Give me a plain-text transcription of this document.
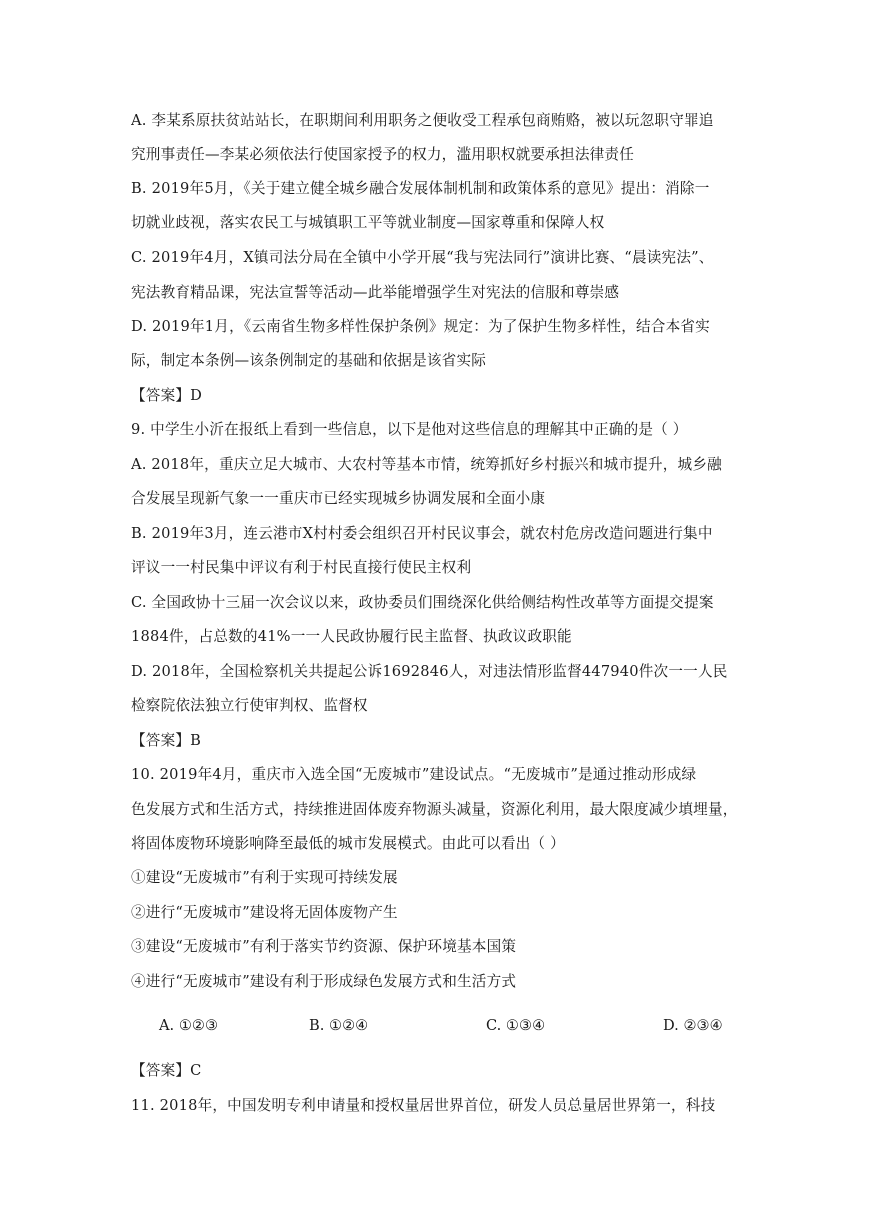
A. 李某系原扶贫站站长，在职期间利用职务之便收受工程承包商贿赂，被以玩忽职守罪追
究刑事责任—李某必须依法行使国家授予的权力，滥用职权就要承担法律责任
B. 2019年5月，《关于建立健全城乡融合发展体制机制和政策体系的意见》提出：消除一
切就业歧视，落实农民工与城镇职工平等就业制度—国家尊重和保障人权
C. 2019年4月，X镇司法分局在全镇中小学开展“我与宪法同行”演讲比赛、“晨读宪法”、
宪法教育精品课，宪法宣誓等活动—此举能增强学生对宪法的信服和尊崇感
D. 2019年1月，《云南省生物多样性保护条例》规定：为了保护生物多样性，结合本省实
际，制定本条例—该条例制定的基础和依据是该省实际
【答案】D
9. 中学生小沂在报纸上看到一些信息，以下是他对这些信息的理解其中正确的是（ ）
A. 2018年，重庆立足大城市、大农村等基本市情，统筹抓好乡村振兴和城市提升，城乡融
合发展呈现新气象一一重庆市已经实现城乡协调发展和全面小康
B. 2019年3月，连云港市X村村委会组织召开村民议事会，就农村危房改造问题进行集中
评议一一村民集中评议有利于村民直接行使民主权利
C. 全国政协十三届一次会议以来，政协委员们围绕深化供给侧结构性改革等方面提交提案
1884件，占总数的41%一一人民政协履行民主监督、执政议政职能
D. 2018年，全国检察机关共提起公诉1692846人，对违法情形监督447940件次一一人民
检察院依法独立行使审判权、监督权
【答案】B
10. 2019年4月，重庆市入选全国“无废城市”建设试点。“无废城市”是通过推动形成绿
色发展方式和生活方式，持续推进固体废弃物源头减量，资源化利用，最大限度减少填埋量，
将固体废物环境影响降至最低的城市发展模式。由此可以看出（ ）
①建设“无废城市”有利于实现可持续发展
②进行“无废城市”建设将无固体废物产生
③建设“无废城市”有利于落实节约资源、保护环境基本国策
④进行“无废城市”建设有利于形成绿色发展方式和生活方式
A. ①②③	B. ①②④	C. ①③④	D. ②③④
【答案】C
11. 2018年，中国发明专利申请量和授权量居世界首位，研发人员总量居世界第一，科技
